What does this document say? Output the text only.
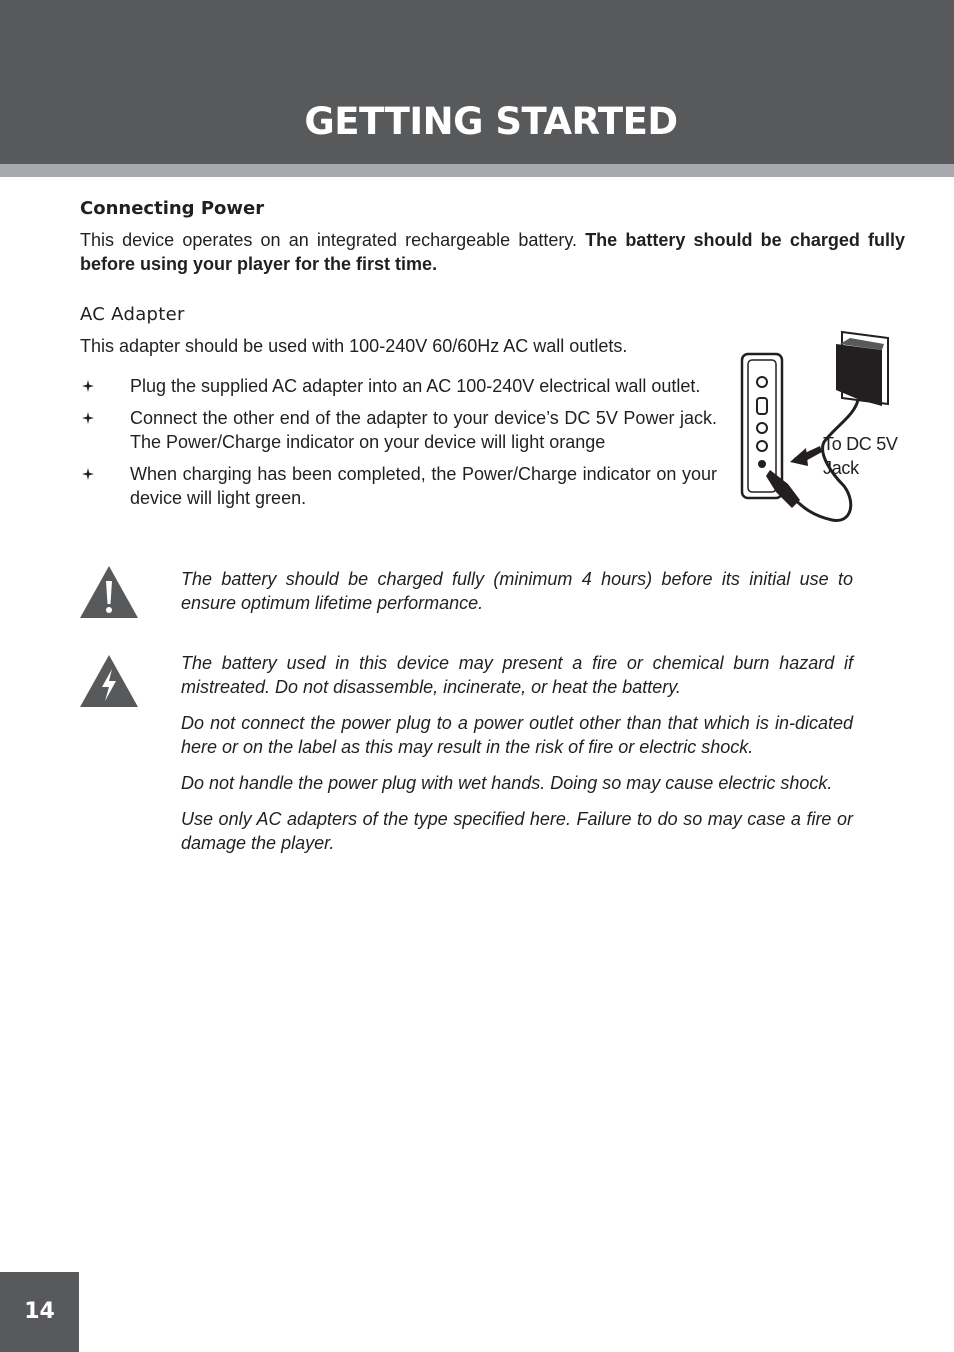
GETTING STARTED
Connecting Power
This device operates on an integrated rechargeable battery. The battery should be charged fully before using your player for the first time.
AC Adapter
This adapter should be used with 100-240V 60/60Hz AC wall outlets.
Plug the supplied AC adapter into an AC 100-240V electrical wall outlet.
Connect the other end of the adapter to your device’s DC 5V Power jack. The Power/Charge indicator on your device will light orange
When charging has been completed, the Power/Charge indicator on your device will light green.
To DC 5V Jack

The battery should be charged fully (minimum 4 hours) before its initial use to ensure optimum lifetime performance.

The battery used in this device may present a fire or chemical burn hazard if mistreated. Do not disassemble, incinerate, or heat the battery.

Do not connect the power plug to a power outlet other than that which is in-dicated here or on the label as this may result in the risk of fire or electric shock.

Do not handle the power plug with wet hands. Doing so may cause electric shock.

Use only AC adapters of the type specified here. Failure to do so may case a fire or damage the player.

14
